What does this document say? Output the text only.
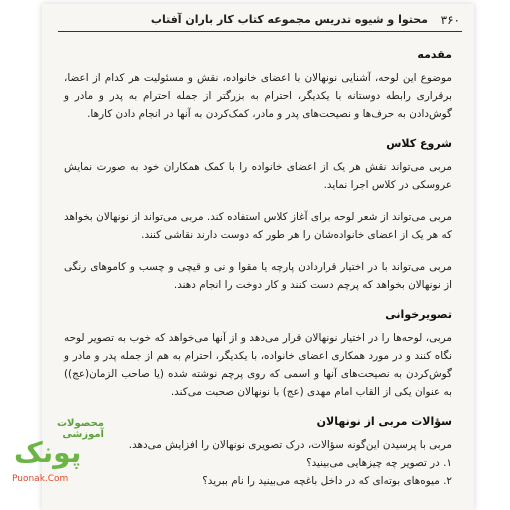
۳۶۰
محتوا و شیوه تدریس مجموعه کتاب کار باران آفتاب
مقدمه

موضوع این لوحه، آشنایی نونهالان با اعضای خانواده، نقش و مسئولیت هر کدام از اعضا، برقراری رابطه دوستانه با یکدیگر، احترام به بزرگتر از جمله احترام به پدر و مادر و گوش‌دادن به حرف‌ها و نصیحت‌های پدر و مادر، کمک‌کردن به آنها در انجام دادن کارها.

شروع کلاس

مربی می‌تواند نقش هر یک از اعضای خانواده را با کمک همکاران خود به صورت نمایش عروسکی در کلاس اجرا نماید.

مربی می‌تواند از شعر لوحه برای آغاز کلاس استفاده کند. مربی می‌تواند از نونهالان بخواهد که هر یک از اعضای خانواده‌شان را هر طور که دوست دارند نقاشی کنند.

مربی می‌تواند با در اختیار قراردادن پارچه یا مقوا و نی و قیچی و چسب و کاموهای رنگی از نونهالان بخواهد که پرچم دست کنند و کار دوخت را انجام دهند.

تصویرخوانی

مربی، لوحه‌ها را در اختیار نونهالان قرار می‌دهد و از آنها می‌خواهد که خوب به تصویر لوحه نگاه کنند و در مورد همکاری اعضای خانواده، با یکدیگر، احترام به هم از جمله پدر و مادر و گوش‌کردن به نصیحت‌های آنها و اسمی که روی پرچم نوشته شده (یا صاحب الزمان(عج)) به عنوان یکی از القاب امام مهدی (عج) با نونهالان صحبت می‌کند.

سؤالات مربی از نونهالان
مربی با پرسیدن این‌گونه سؤالات، درک تصویری نونهالان را افزایش می‌دهد.
۱. در تصویر چه چیزهایی می‌بینید؟
۲. میوه‌های بوته‌ای که در داخل باغچه می‌بینید را نام ببرید؟
محصولات آموزشی
پونک
Puonak.Com
